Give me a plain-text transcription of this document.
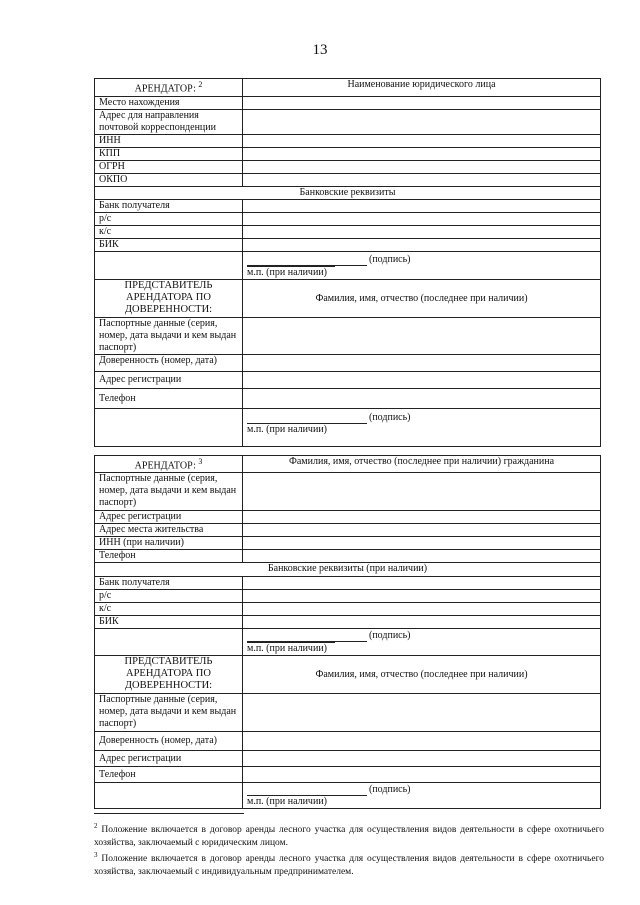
13
АРЕНДАТОР: $^2$	Наименование юридического лица
Место нахождения	
Адрес для направления почтовой корреспонденции	
ИНН	
КПП	
ОГРН	
ОКПО	
Банковские реквизиты	
Банк получателя	
р/с	
к/с	
БИК	

	(подпись)
м.п. (при наличии)

ПРЕДСТАВИТЕЛЬ АРЕНДАТОРА ПО ДОВЕРЕННОСТИ:	Фамилия, имя, отчество (последнее при наличии)
Паспортные данные (серия, номер, дата выдачи и кем выдан паспорт)	
Доверенность (номер, дата)	
Адрес регистрации	
Телефон	

	(подпись)
м.п. (при наличии)
АРЕНДАТОР: $^3$	Фамилия, имя, отчество (последнее при наличии) гражданина
Паспортные данные (серия, номер, дата выдачи и кем выдан паспорт)	
Адрес регистрации	
Адрес места жительства	
ИНН (при наличии)	
Телефон	
Банковские реквизиты (при наличии)	
Банк получателя	
р/с	
к/с	
БИК	

	(подпись)
м.п. (при наличии)

ПРЕДСТАВИТЕЛЬ АРЕНДАТОРА ПО ДОВЕРЕННОСТИ:	Фамилия, имя, отчество (последнее при наличии)
Паспортные данные (серия, номер, дата выдачи и кем выдан паспорт)	
Доверенность (номер, дата)	
Адрес регистрации	
Телефон	

	(подпись)
м.п. (при наличии)

$^2$ Положение включается в договор аренды лесного участка для осуществления видов деятельности в сфере охотничьего хозяйства, заключаемый с юридическим лицом.

$^3$ Положение включается в договор аренды лесного участка для осуществления видов деятельности в сфере охотничьего хозяйства, заключаемый с индивидуальным предпринимателем.
